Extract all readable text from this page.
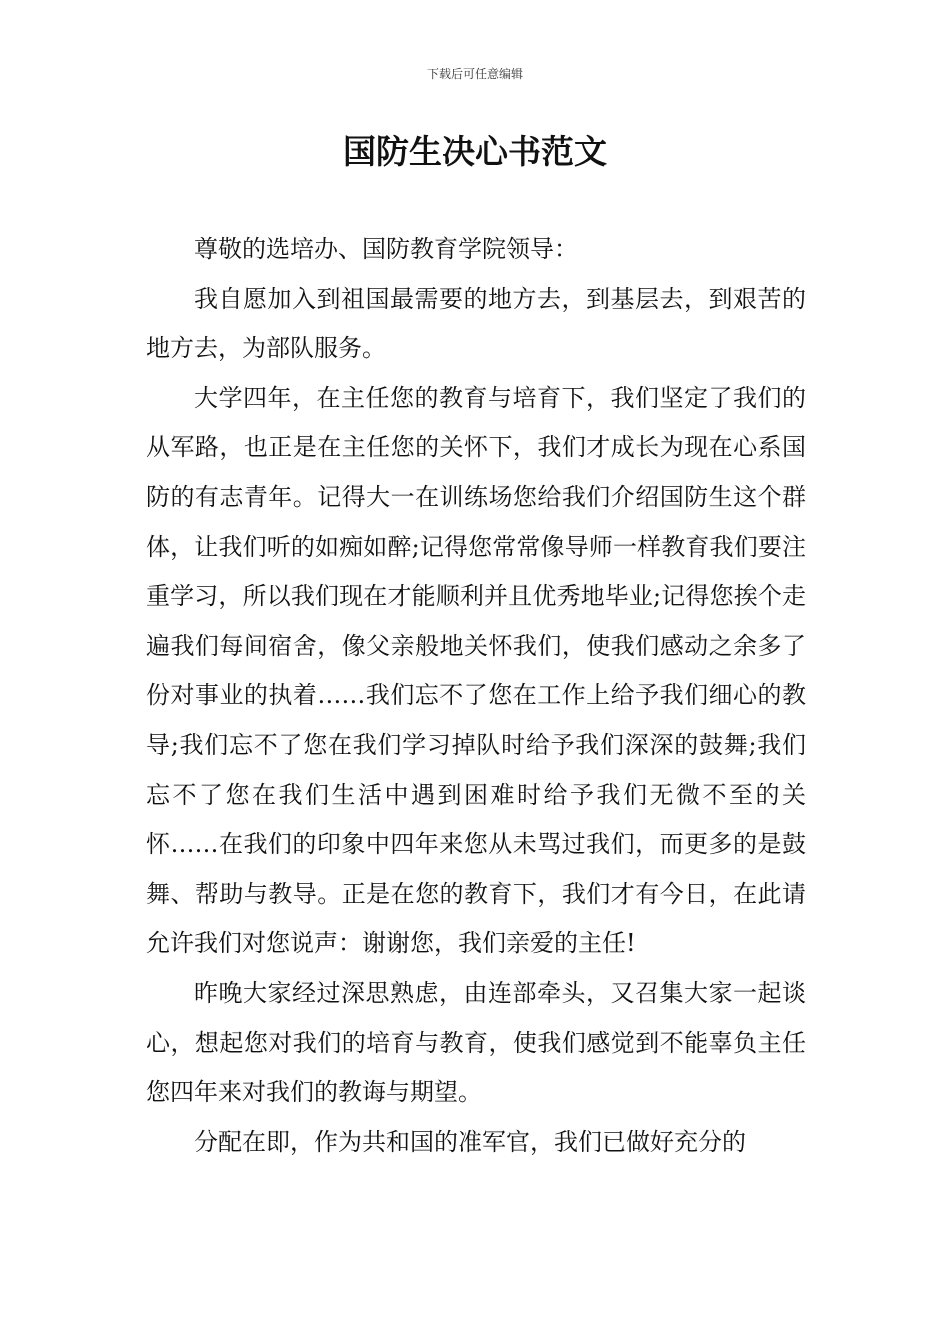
下载后可任意编辑
国防生决心书范文

尊敬的选培办、国防教育学院领导：

我自愿加入到祖国最需要的地方去，到基层去，到艰苦的地方去，为部队服务。

大学四年，在主任您的教育与培育下，我们坚定了我们的从军路，也正是在主任您的关怀下，我们才成长为现在心系国防的有志青年。记得大一在训练场您给我们介绍国防生这个群体，让我们听的如痴如醉;记得您常常像导师一样教育我们要注重学习，所以我们现在才能顺利并且优秀地毕业;记得您挨个走遍我们每间宿舍，像父亲般地关怀我们，使我们感动之余多了份对事业的执着……我们忘不了您在工作上给予我们细心的教导;我们忘不了您在我们学习掉队时给予我们深深的鼓舞;我们忘不了您在我们生活中遇到困难时给予我们无微不至的关怀……在我们的印象中四年来您从未骂过我们，而更多的是鼓舞、帮助与教导。正是在您的教育下，我们才有今日，在此请允许我们对您说声：谢谢您，我们亲爱的主任!

昨晚大家经过深思熟虑，由连部牵头，又召集大家一起谈心，想起您对我们的培育与教育，使我们感觉到不能辜负主任您四年来对我们的教诲与期望。

分配在即，作为共和国的准军官，我们已做好充分的
